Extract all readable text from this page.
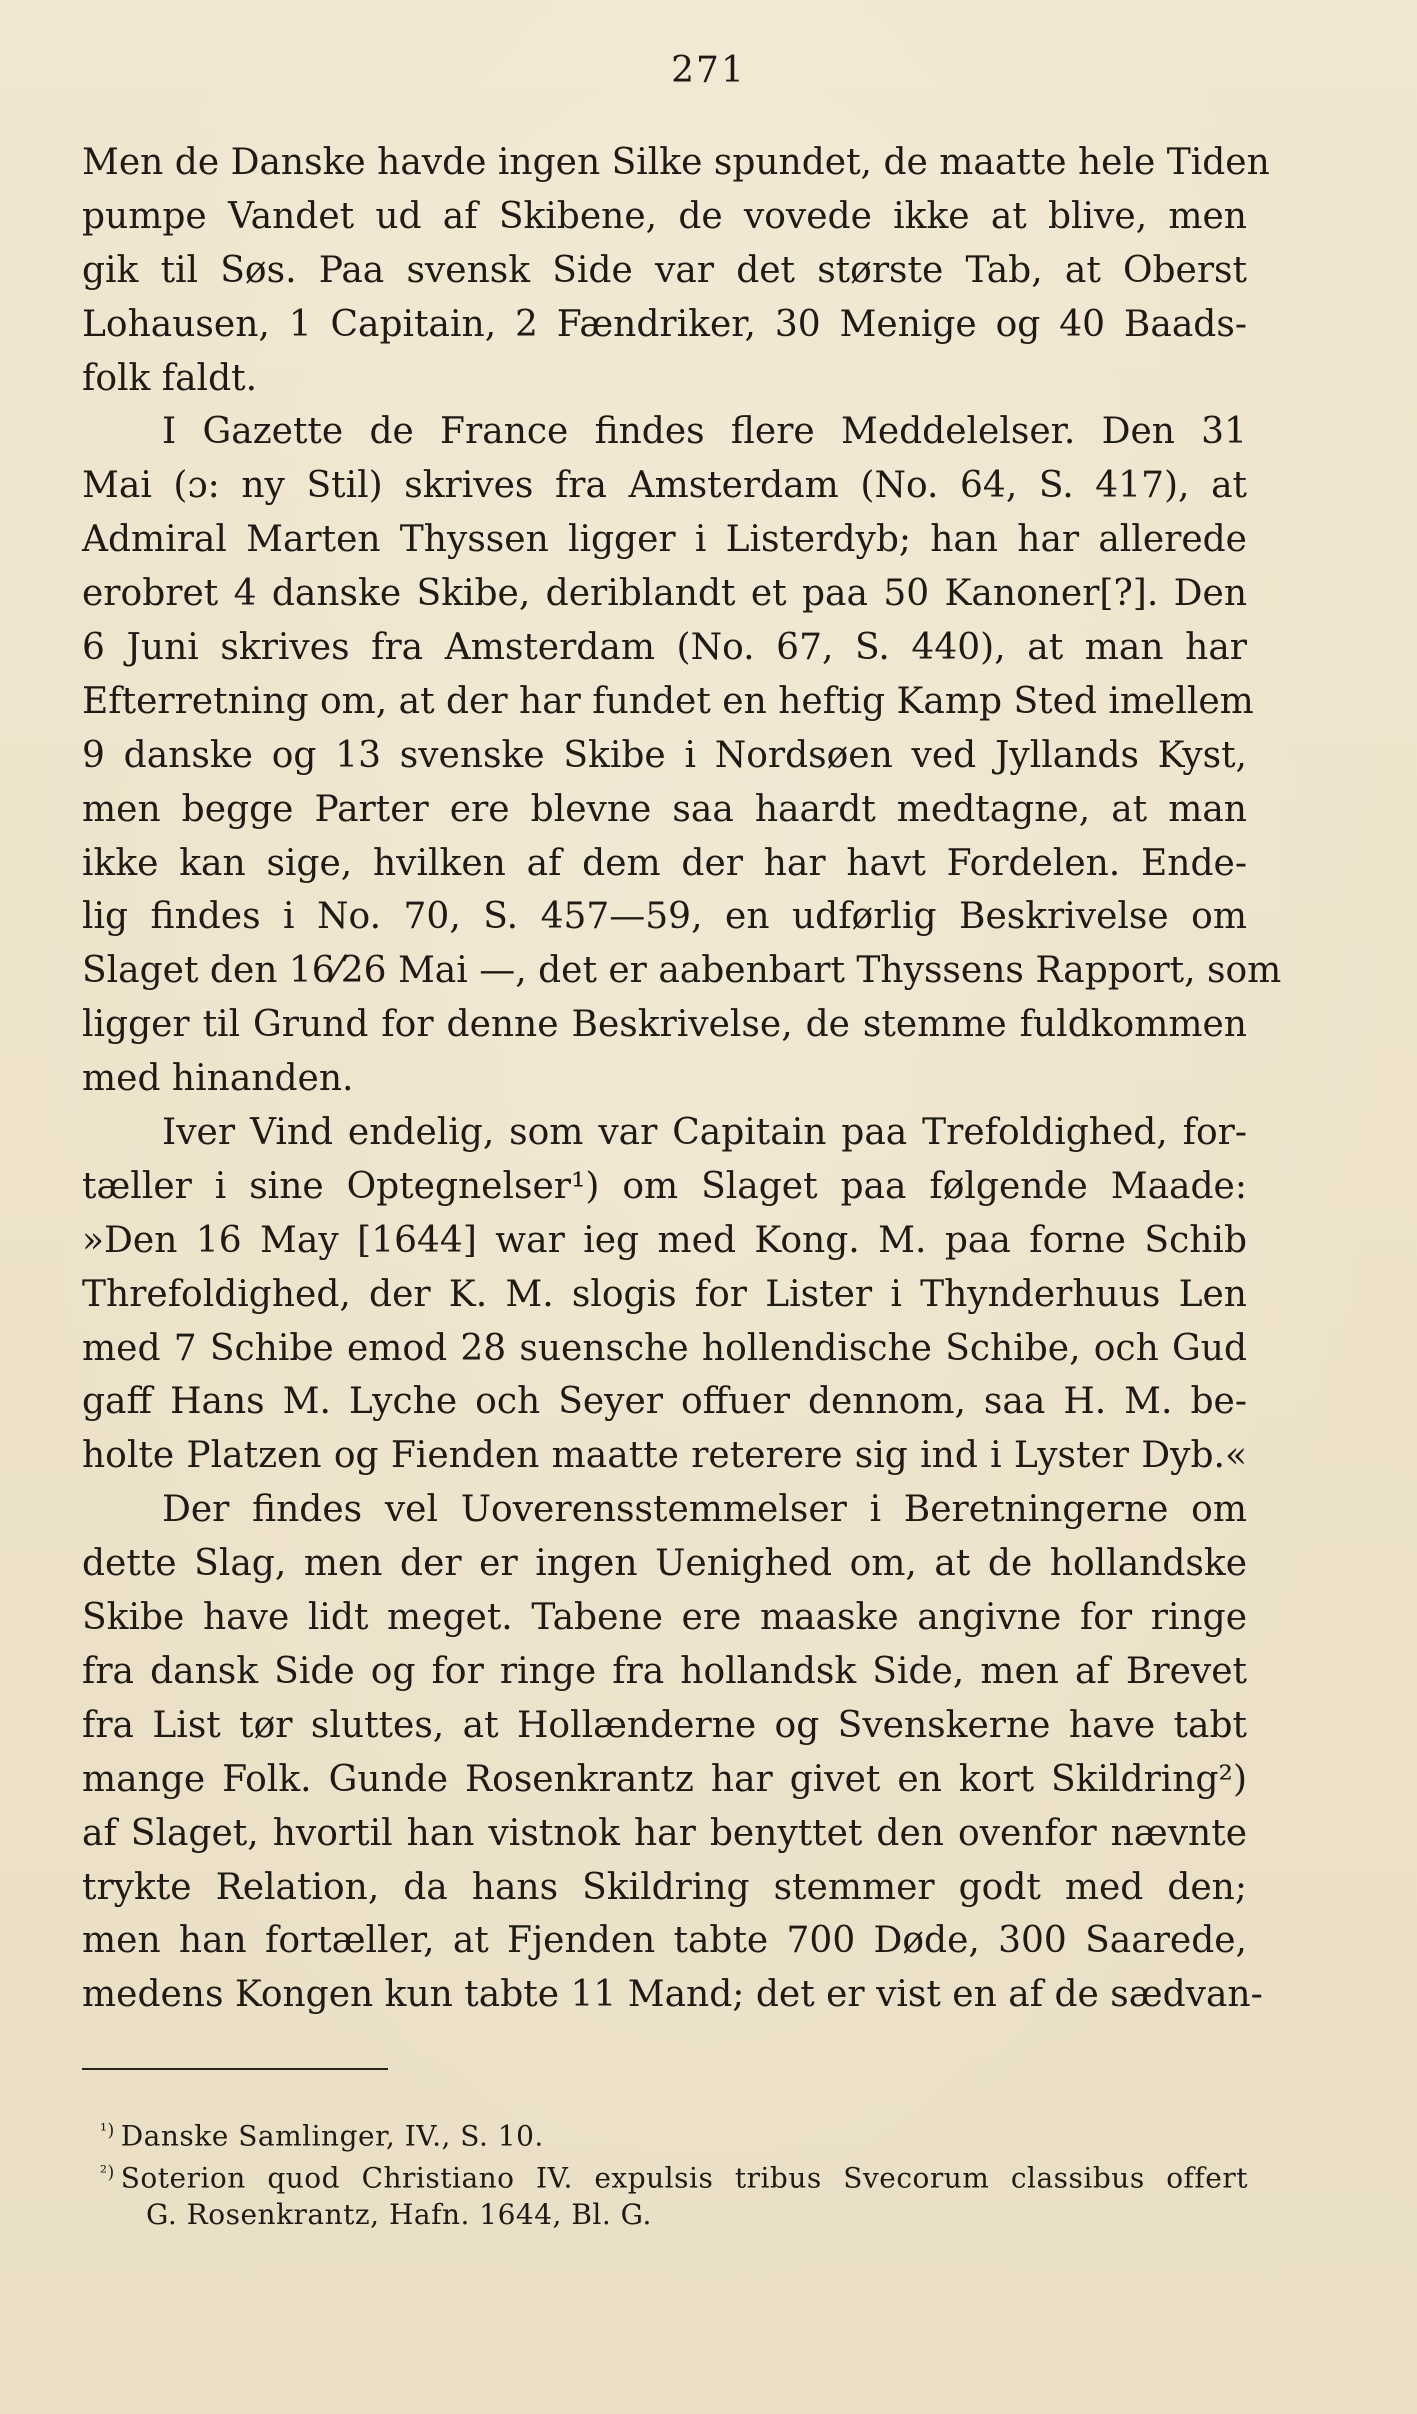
271
Men de Danske havde ingen Silke spundet, de maatte hele Tiden
pumpe Vandet ud af Skibene, de vovede ikke at blive, men
gik til Søs. Paa svensk Side var det største Tab, at Oberst
Lohausen, 1 Capitain, 2 Fændriker, 30 Menige og 40 Baads-
folk faldt.
I Gazette de France findes flere Meddelelser. Den 31
Mai (ɔ: ny Stil) skrives fra Amsterdam (No. 64, S. 417), at
Admiral Marten Thyssen ligger i Listerdyb; han har allerede
erobret 4 danske Skibe, deriblandt et paa 50 Kanoner[?]. Den
6 Juni skrives fra Amsterdam (No. 67, S. 440), at man har
Efterretning om, at der har fundet en heftig Kamp Sted imellem
9 danske og 13 svenske Skibe i Nordsøen ved Jyllands Kyst,
men begge Parter ere blevne saa haardt medtagne, at man
ikke kan sige, hvilken af dem der har havt Fordelen. Ende-
lig findes i No. 70, S. 457—59, en udførlig Beskrivelse om
Slaget den 16⁄26 Mai —, det er aabenbart Thyssens Rapport, som
ligger til Grund for denne Beskrivelse, de stemme fuldkommen
med hinanden.
Iver Vind endelig, som var Capitain paa Trefoldighed, for-
tæller i sine Optegnelser¹) om Slaget paa følgende Maade:
»Den 16 May [1644] war ieg med Kong. M. paa forne Schib
Threfoldighed, der K. M. slogis for Lister i Thynderhuus Len
med 7 Schibe emod 28 suensche hollendische Schibe, och Gud
gaff Hans M. Lyche och Seyer offuer dennom, saa H. M. be-
holte Platzen og Fienden maatte reterere sig ind i Lyster Dyb.«
Der findes vel Uoverensstemmelser i Beretningerne om
dette Slag, men der er ingen Uenighed om, at de hollandske
Skibe have lidt meget. Tabene ere maaske angivne for ringe
fra dansk Side og for ringe fra hollandsk Side, men af Brevet
fra List tør sluttes, at Hollænderne og Svenskerne have tabt
mange Folk. Gunde Rosenkrantz har givet en kort Skildring²)
af Slaget, hvortil han vistnok har benyttet den ovenfor nævnte
trykte Relation, da hans Skildring stemmer godt med den;
men han fortæller, at Fjenden tabte 700 Døde, 300 Saarede,
medens Kongen kun tabte 11 Mand; det er vist en af de sædvan-
$^{^1)}$ Danske Samlinger, IV., S. 10.
$^{^2)}$ Soterion quod Christiano IV. expulsis tribus Svecorum classibus offert
G. Rosenkrantz, Hafn. 1644, Bl. G.
